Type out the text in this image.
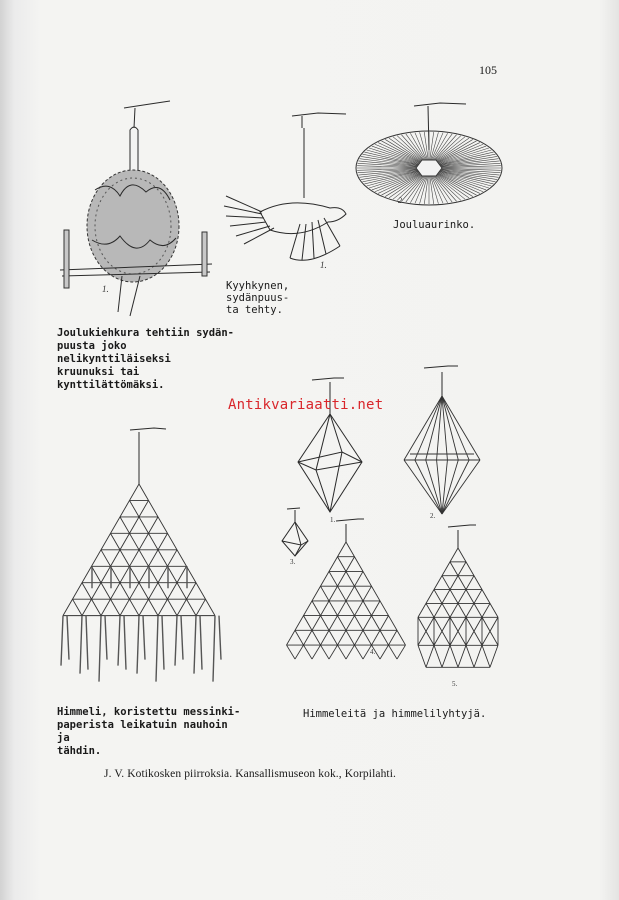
105

1.
1.
2.
1.	2.
3.
4.
5.

Joulukiehkura tehtiin sydän-
puusta joko nelikynttiläiseksi
kruunuksi tai kynttilättömäksi.

Kyyhkynen, sydänpuus-
ta tehty.

Jouluaurinko.

Himmeli, koristettu messinki-
paperista leikatuin nauhoin ja
tähdin.

Himmeleitä ja himmelilyhtyjä.

J. V. Kotikosken piirroksia. Kansallismuseon kok., Korpilahti.

Antikvariaatti.net
